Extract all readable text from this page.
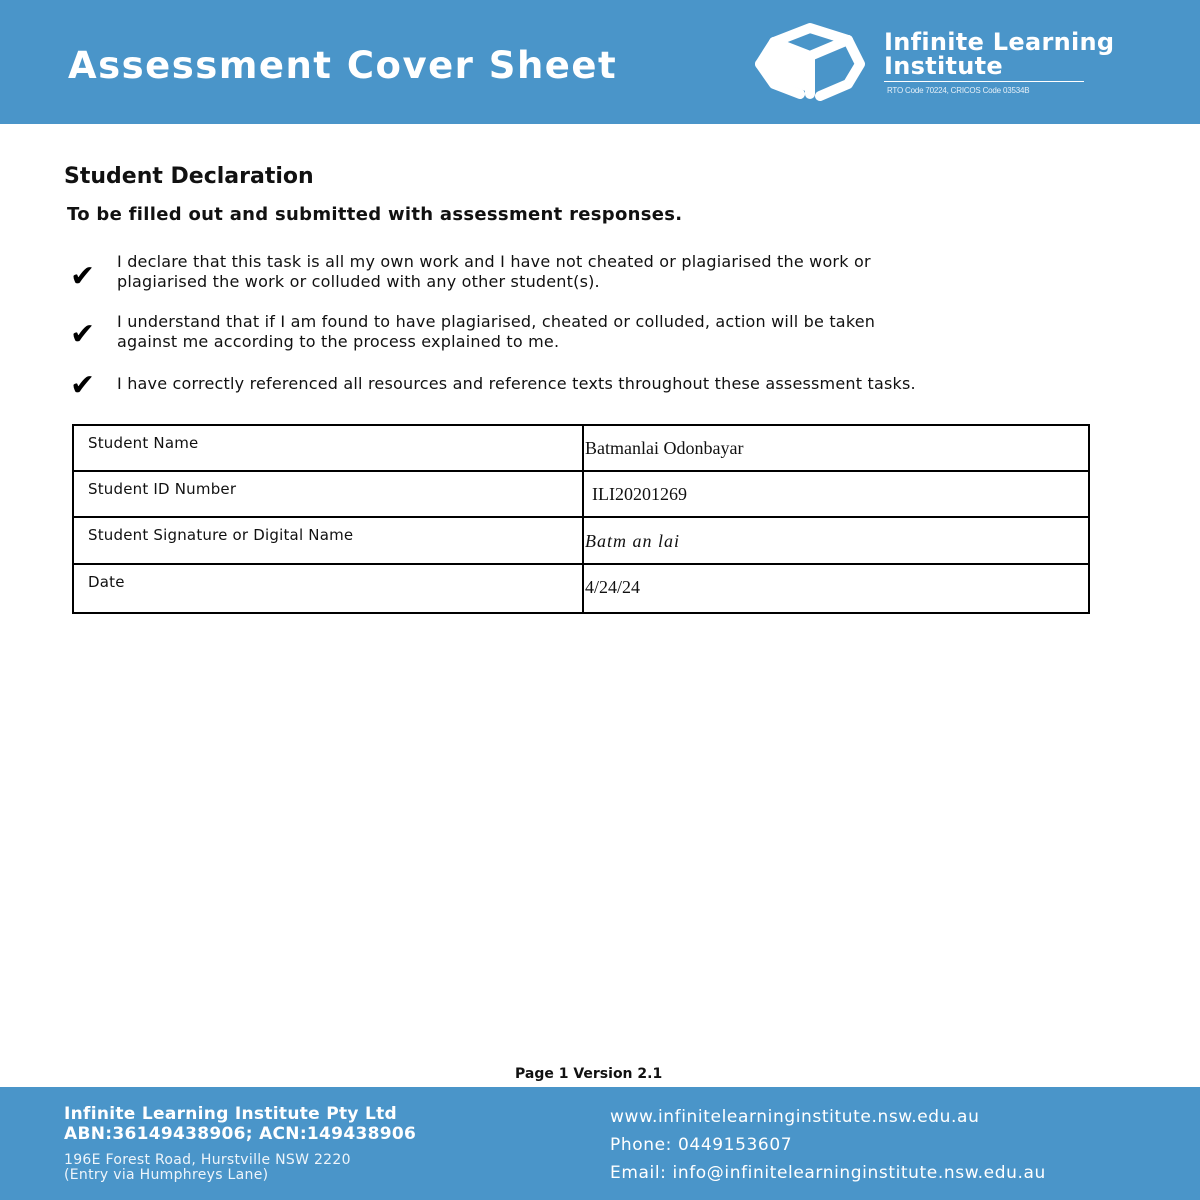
Assessment Cover Sheet
Infinite Learning
Institute
RTO Code 70224, CRICOS Code 03534B
Student Declaration
To be filled out and submitted with assessment responses.
✔ I declare that this task is all my own work and I have not cheated or plagiarised the work or
plagiarised the work or colluded with any other student(s).
✔ I understand that if I am found to have plagiarised, cheated or colluded, action will be taken
against me according to the process explained to me.
✔ I have correctly referenced all resources and reference texts throughout these assessment tasks.
Student Name	Batmanlai Odonbayar

Student ID Number	ILI20201269

Student Signature or Digital Name	Batm an lai

Date	4/24/24
Page 1 Version 2.1
Infinite Learning Institute Pty Ltd
ABN:36149438906; ACN:149438906
196E Forest Road, Hurstville NSW 2220
(Entry via Humphreys Lane)
www.infinitelearninginstitute.nsw.edu.au
Phone: 0449153607
Email: info@infinitelearninginstitute.nsw.edu.au
